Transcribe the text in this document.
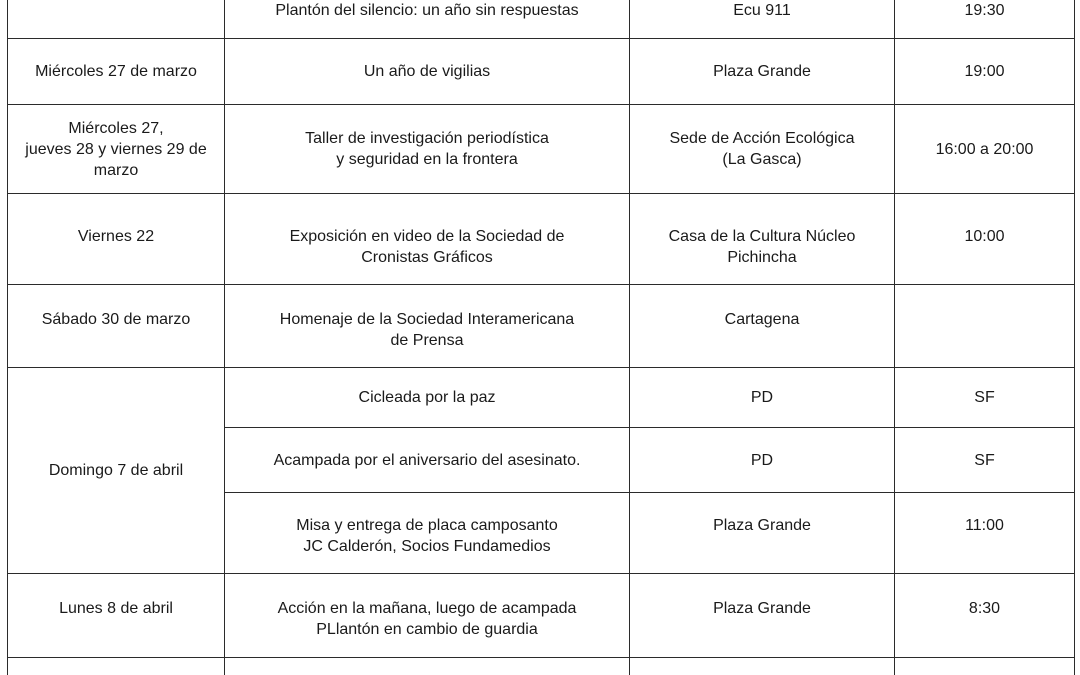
	Plantón del silencio: un año sin respuestas	Ecu 911	19:30
Miércoles 27 de marzo	Un año de vigilias	Plaza Grande	19:00

Miércoles 27,
jueves 28 y viernes 29 de
marzo	Taller de investigación periodística
y seguridad en la frontera	Sede de Acción Ecológica
(La Gasca)	16:00 a 20:00
Viernes 22	Exposición en video de la Sociedad de
Cronistas Gráficos	Casa de la Cultura Núcleo
Pichincha	10:00
Sábado 30 de marzo	Homenaje de la Sociedad Interamericana
de Prensa	Cartagena	
Domingo 7 de abril	Cicleada por la paz	PD	SF
	Acampada por el aniversario del asesinato.	PD	SF

	Misa y entrega de placa camposanto
JC Calderón, Socios Fundamedios	Plaza Grande	11:00
Lunes 8 de abril	Acción en la mañana, luego de acampada
PLlantón en cambio de guardia	Plaza Grande	8:30
